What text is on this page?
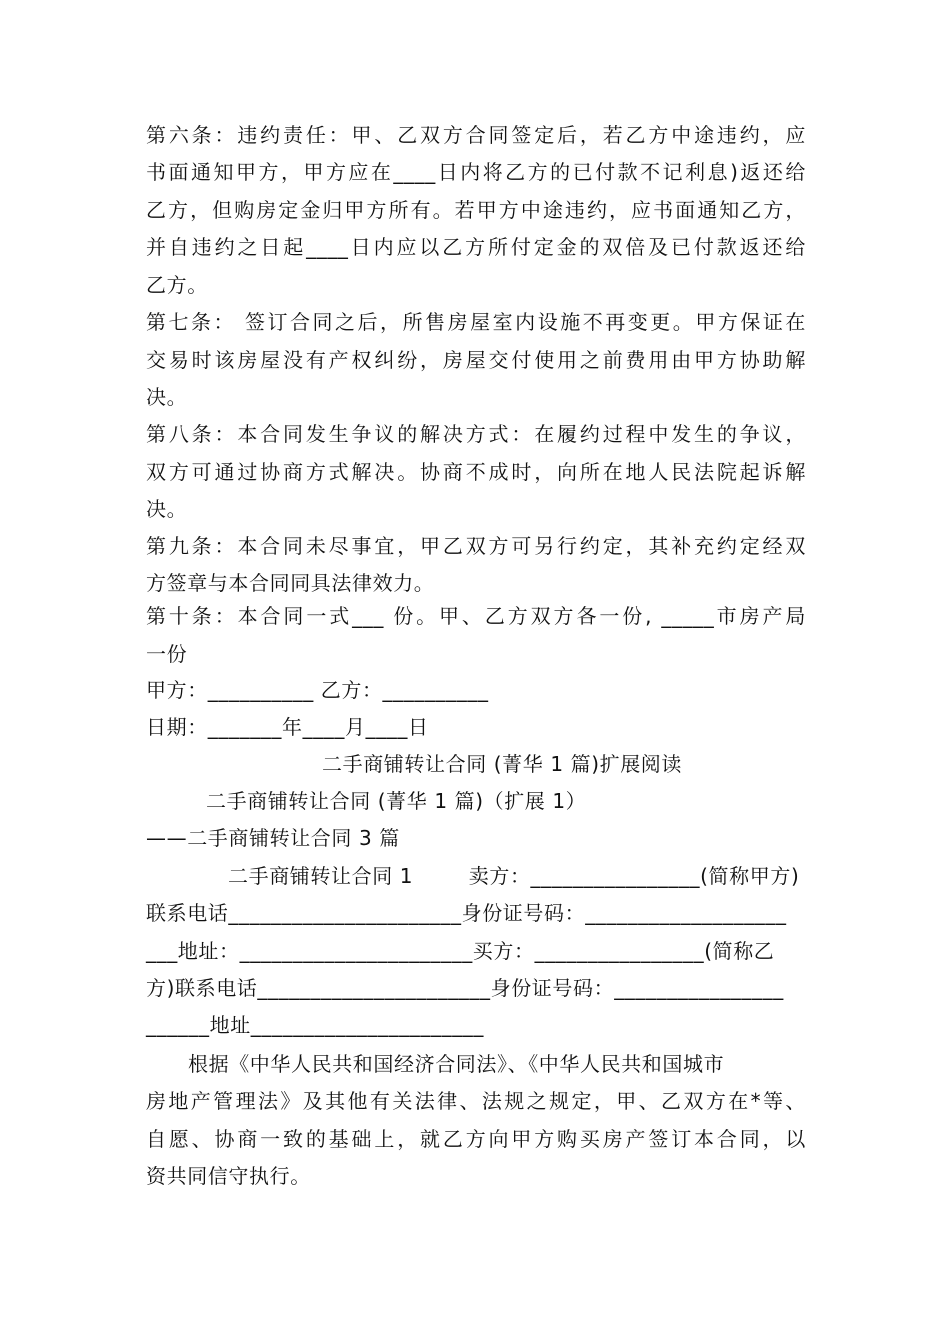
第六条：违约责任：甲、乙双方合同签定后，若乙方中途违约，应
书面通知甲方，甲方应在____日内将乙方的已付款不记利息)返还给
乙方，但购房定金归甲方所有。若甲方中途违约，应书面通知乙方，
并自违约之日起____日内应以乙方所付定金的双倍及已付款返还给
乙方。
第七条： 签订合同之后，所售房屋室内设施不再变更。甲方保证在
交易时该房屋没有产权纠纷，房屋交付使用之前费用由甲方协助解
决。
第八条：本合同发生争议的解决方式：在履约过程中发生的争议，
双方可通过协商方式解决。协商不成时，向所在地人民法院起诉解
决。
第九条：本合同未尽事宜，甲乙双方可另行约定，其补充约定经双
方签章与本合同同具法律效力。
第十条：本合同一式___ 份。甲、乙方双方各一份, _____市房产局
一份
甲方：__________ 乙方：__________
日期：_______年____月____日
二手商铺转让合同 (菁华 1 篇)扩展阅读
二手商铺转让合同 (菁华 1 篇)（扩展 1）
——二手商铺转让合同 3 篇
二手商铺转让合同 1        卖方：________________(简称甲方)
联系电话______________________身份证号码：___________________
___地址：______________________买方：________________(简称乙
方)联系电话______________________身份证号码：________________
______地址______________________
根据《中华人民共和国经济合同法》、《中华人民共和国城市
房地产管理法》及其他有关法律、法规之规定，甲、乙双方在*等、
自愿、协商一致的基础上，就乙方向甲方购买房产签订本合同，以
资共同信守执行。
